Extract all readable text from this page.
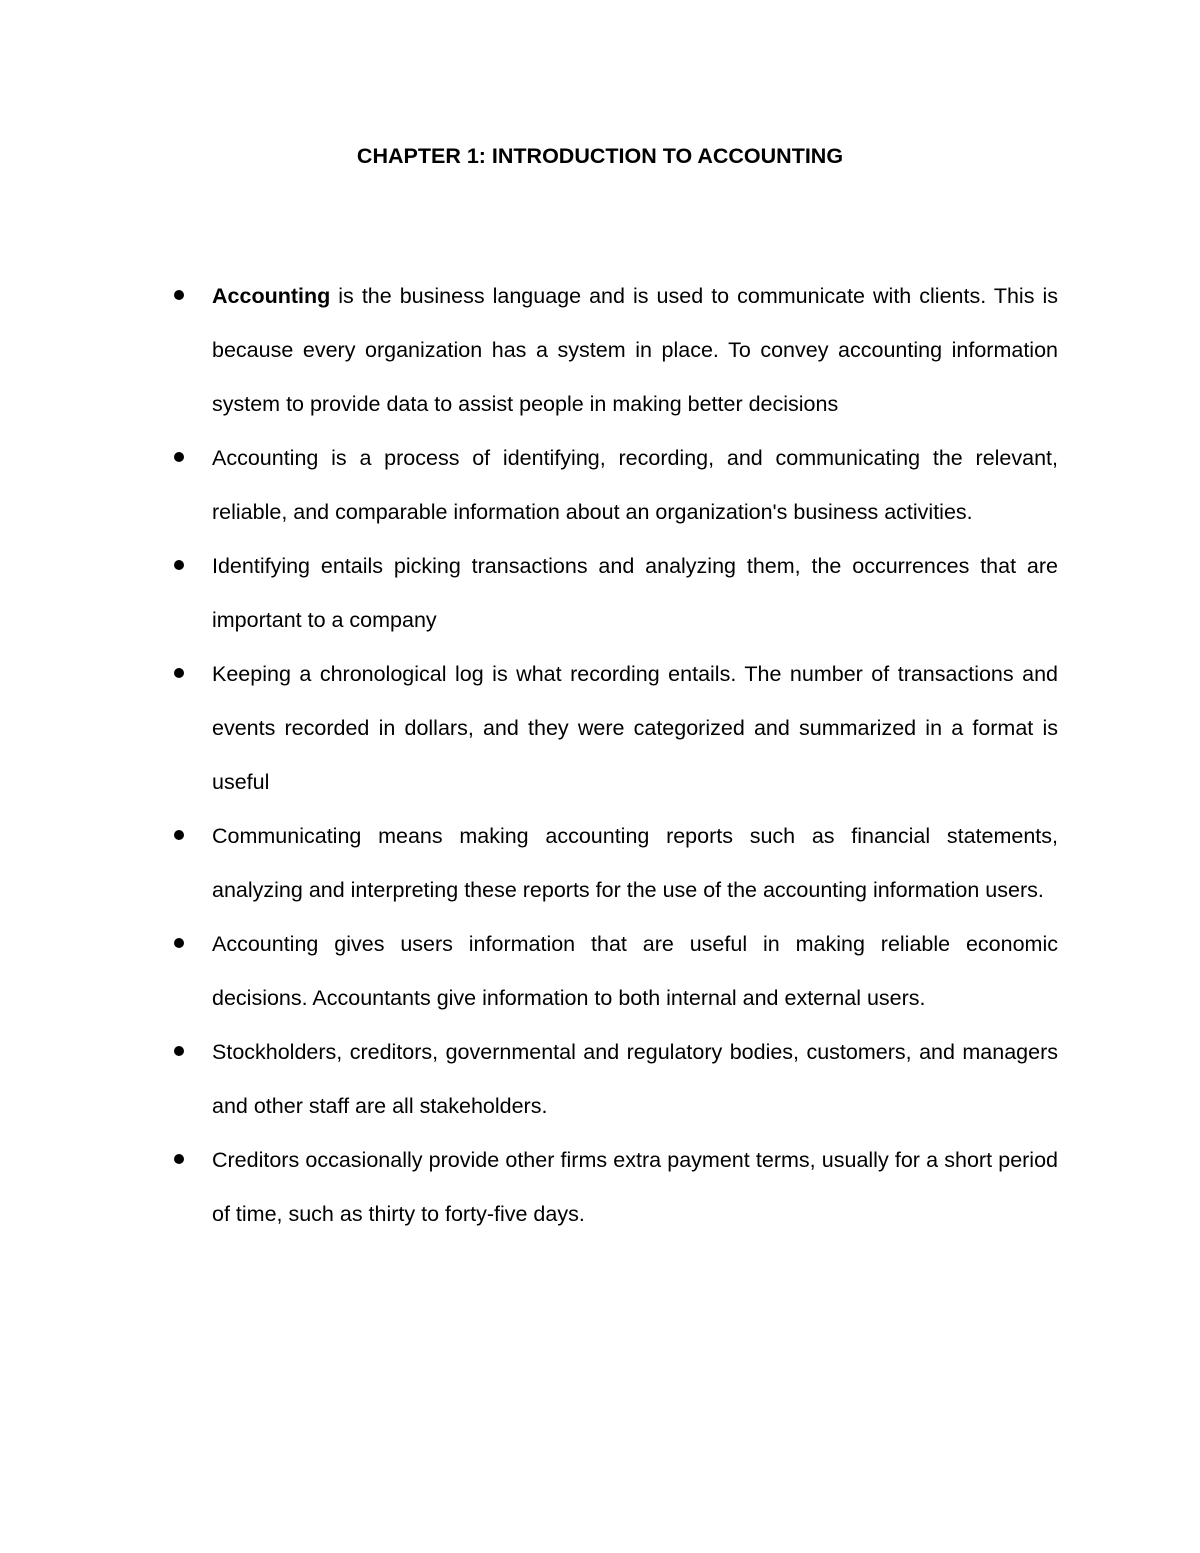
CHAPTER 1: INTRODUCTION TO ACCOUNTING
Accounting is the business language and is used to communicate with clients. This is because every organization has a system in place. To convey accounting information system to provide data to assist people in making better decisions
Accounting is a process of identifying, recording, and communicating the relevant, reliable, and comparable information about an organization's business activities.
Identifying entails picking transactions and analyzing them, the occurrences that are important to a company
Keeping a chronological log is what recording entails. The number of transactions and events recorded in dollars, and they were categorized and summarized in a format is useful
Communicating means making accounting reports such as financial statements, analyzing and interpreting these reports for the use of the accounting information users.
Accounting gives users information that are useful in making reliable economic decisions. Accountants give information to both internal and external users.
Stockholders, creditors, governmental and regulatory bodies, customers, and managers and other staff are all stakeholders.
Creditors occasionally provide other firms extra payment terms, usually for a short period of time, such as thirty to forty-five days.
